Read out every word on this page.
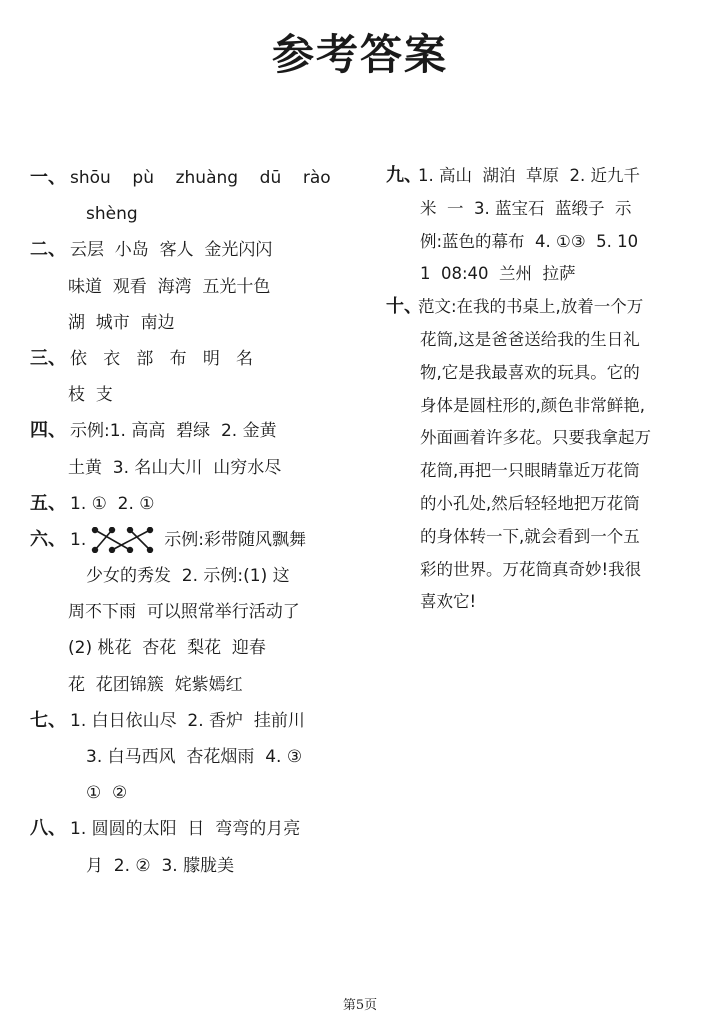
参考答案
一、 shōu    pù    zhuàng    dū    rào
shèng
二、 云层  小岛  客人  金光闪闪
味道  观看  海湾  五光十色
湖  城市  南边
三、 依   衣   部   布   明   名
枝  支
四、 示例:1. 高高  碧绿  2. 金黄
土黄  3. 名山大川  山穷水尽
五、 1. ①  2. ①
六、 1.	示例:彩带随风飘舞
少女的秀发  2. 示例:(1) 这
周不下雨  可以照常举行活动了
(2) 桃花  杏花  梨花  迎春
花  花团锦簇  姹紫嫣红
七、 1. 白日依山尽  2. 香炉  挂前川
3. 白马西风  杏花烟雨  4. ③
①  ②
八、 1. 圆圆的太阳  日  弯弯的月亮
月  2. ②  3. 朦胧美
九、1. 高山  湖泊  草原  2. 近九千
米  一  3. 蓝宝石  蓝缎子  示
例:蓝色的幕布  4. ①③  5. 10
1  08:40  兰州  拉萨
十、范文:在我的书桌上,放着一个万
花筒,这是爸爸送给我的生日礼
物,它是我最喜欢的玩具。它的
身体是圆柱形的,颜色非常鲜艳,
外面画着许多花。只要我拿起万
花筒,再把一只眼睛靠近万花筒
的小孔处,然后轻轻地把万花筒
的身体转一下,就会看到一个五
彩的世界。万花筒真奇妙!我很
喜欢它!
第5页
